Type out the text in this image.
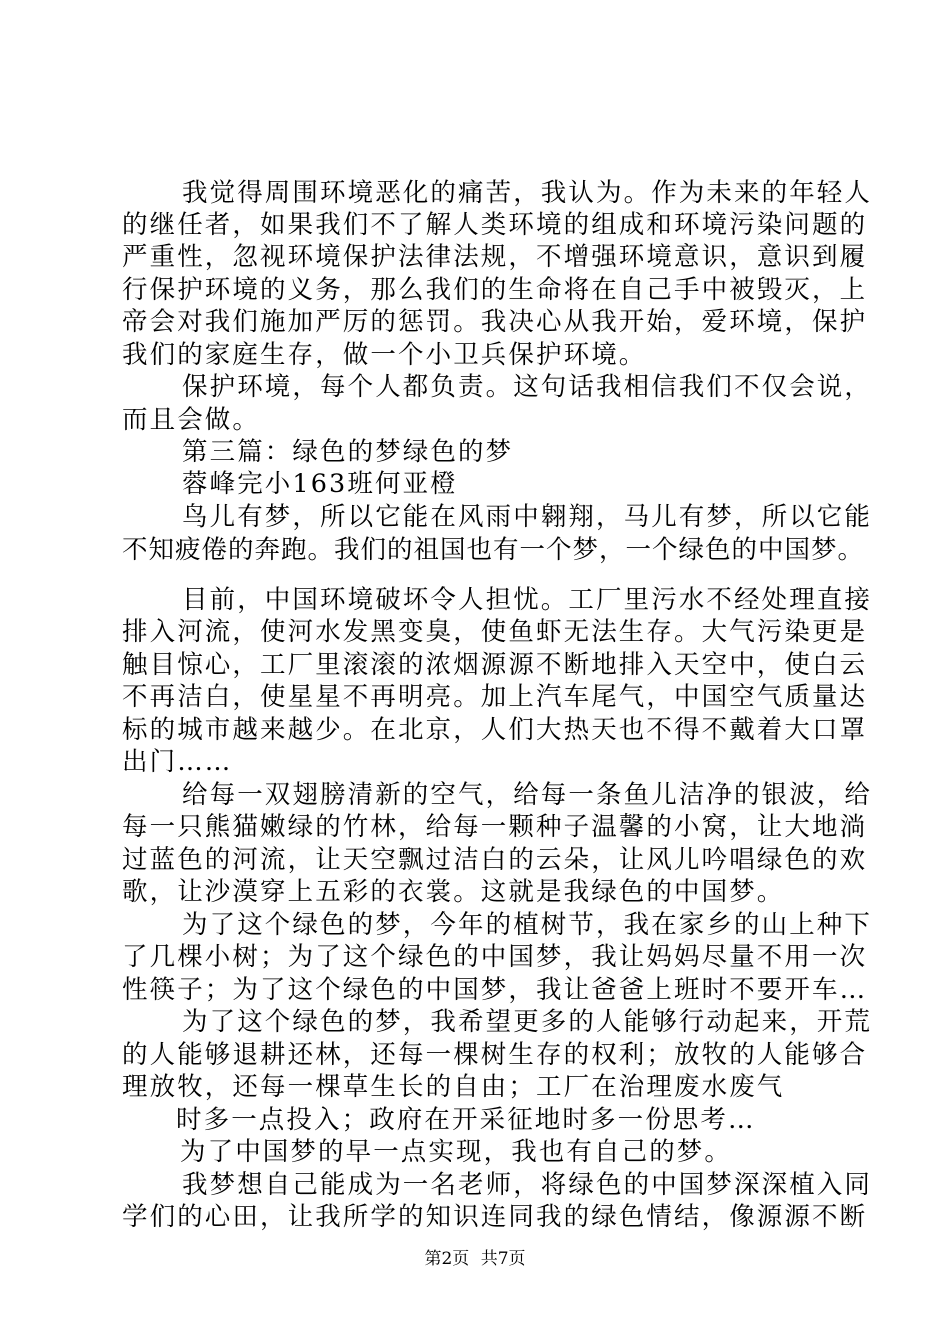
我觉得周围环境恶化的痛苦，我认为。作为未来的年轻人
的继任者，如果我们不了解人类环境的组成和环境污染问题的
严重性，忽视环境保护法律法规，不增强环境意识，意识到履
行保护环境的义务，那么我们的生命将在自己手中被毁灭，上
帝会对我们施加严厉的惩罚。我决心从我开始，爱环境，保护
我们的家庭生存，做一个小卫兵保护环境。
保护环境，每个人都负责。这句话我相信我们不仅会说，
而且会做。
第三篇：绿色的梦绿色的梦
蓉峰完小163班何亚橙
鸟儿有梦，所以它能在风雨中翱翔，马儿有梦，所以它能
不知疲倦的奔跑。我们的祖国也有一个梦，一个绿色的中国梦。
目前，中国环境破坏令人担忧。工厂里污水不经处理直接
排入河流，使河水发黑变臭，使鱼虾无法生存。大气污染更是
触目惊心，工厂里滚滚的浓烟源源不断地排入天空中，使白云
不再洁白，使星星不再明亮。加上汽车尾气，中国空气质量达
标的城市越来越少。在北京，人们大热天也不得不戴着大口罩
出门……
给每一双翅膀清新的空气，给每一条鱼儿洁净的银波，给
每一只熊猫嫩绿的竹林，给每一颗种子温馨的小窝，让大地淌
过蓝色的河流，让天空飘过洁白的云朵，让风儿吟唱绿色的欢
歌，让沙漠穿上五彩的衣裳。这就是我绿色的中国梦。
为了这个绿色的梦，今年的植树节，我在家乡的山上种下
了几棵小树；为了这个绿色的中国梦，我让妈妈尽量不用一次
性筷子；为了这个绿色的中国梦，我让爸爸上班时不要开车…
为了这个绿色的梦，我希望更多的人能够行动起来，开荒
的人能够退耕还林，还每一棵树生存的权利；放牧的人能够合
理放牧，还每一棵草生长的自由；工厂在治理废水废气
时多一点投入；政府在开采征地时多一份思考…
为了中国梦的早一点实现，我也有自己的梦。
我梦想自己能成为一名老师，将绿色的中国梦深深植入同
学们的心田，让我所学的知识连同我的绿色情结，像源源不断
第2页 共7页
